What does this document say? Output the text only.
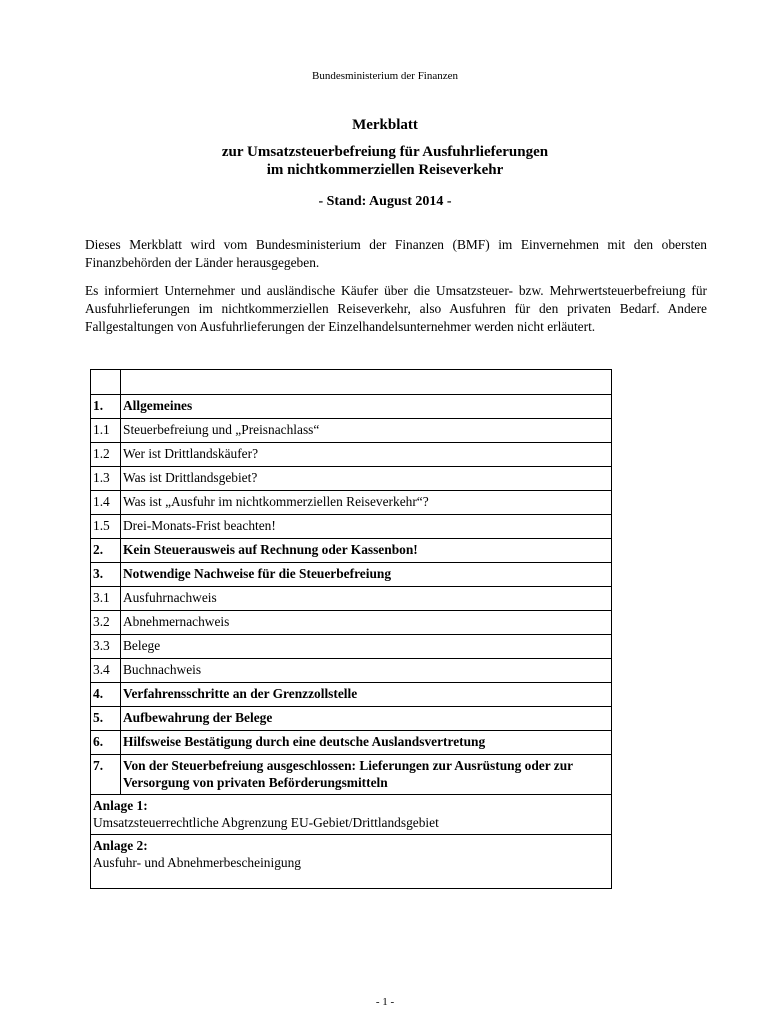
Bundesministerium der Finanzen
Merkblatt
zur Umsatzsteuerbefreiung für Ausfuhrlieferungen
im nichtkommerziellen Reiseverkehr
- Stand: August 2014 -

Dieses Merkblatt wird vom Bundesministerium der Finanzen (BMF) im Einvernehmen mit den obersten Finanzbehörden der Länder herausgegeben.

Es informiert Unternehmer und ausländische Käufer über die Umsatzsteuer- bzw. Mehrwertsteuerbefreiung für Ausfuhrlieferungen im nichtkommerziellen Reiseverkehr, also Ausfuhren für den privaten Bedarf. Andere Fallgestaltungen von Ausfuhrlieferungen der Einzelhandelsunternehmer werden nicht erläutert.

1.	Allgemeines
1.1	Steuerbefreiung und „Preisnachlass“
1.2	Wer ist Drittlandskäufer?
1.3	Was ist Drittlandsgebiet?
1.4	Was ist „Ausfuhr im nichtkommerziellen Reiseverkehr“?
1.5	Drei-Monats-Frist beachten!
2.	Kein Steuerausweis auf Rechnung oder Kassenbon!
3.	Notwendige Nachweise für die Steuerbefreiung
3.1	Ausfuhrnachweis
3.2	Abnehmernachweis
3.3	Belege
3.4	Buchnachweis
4.	Verfahrensschritte an der Grenzzollstelle
5.	Aufbewahrung der Belege
6.	Hilfsweise Bestätigung durch eine deutsche Auslandsvertretung
7.	Von der Steuerbefreiung ausgeschlossen: Lieferungen zur Ausrüstung oder zur Versorgung von privaten Beförderungsmitteln

Anlage 1:
Umsatzsteuerrechtliche Abgrenzung EU-Gebiet/Drittlandsgebiet	

Anlage 2:
Ausfuhr- und Abnehmerbescheinigung	
- 1 -
